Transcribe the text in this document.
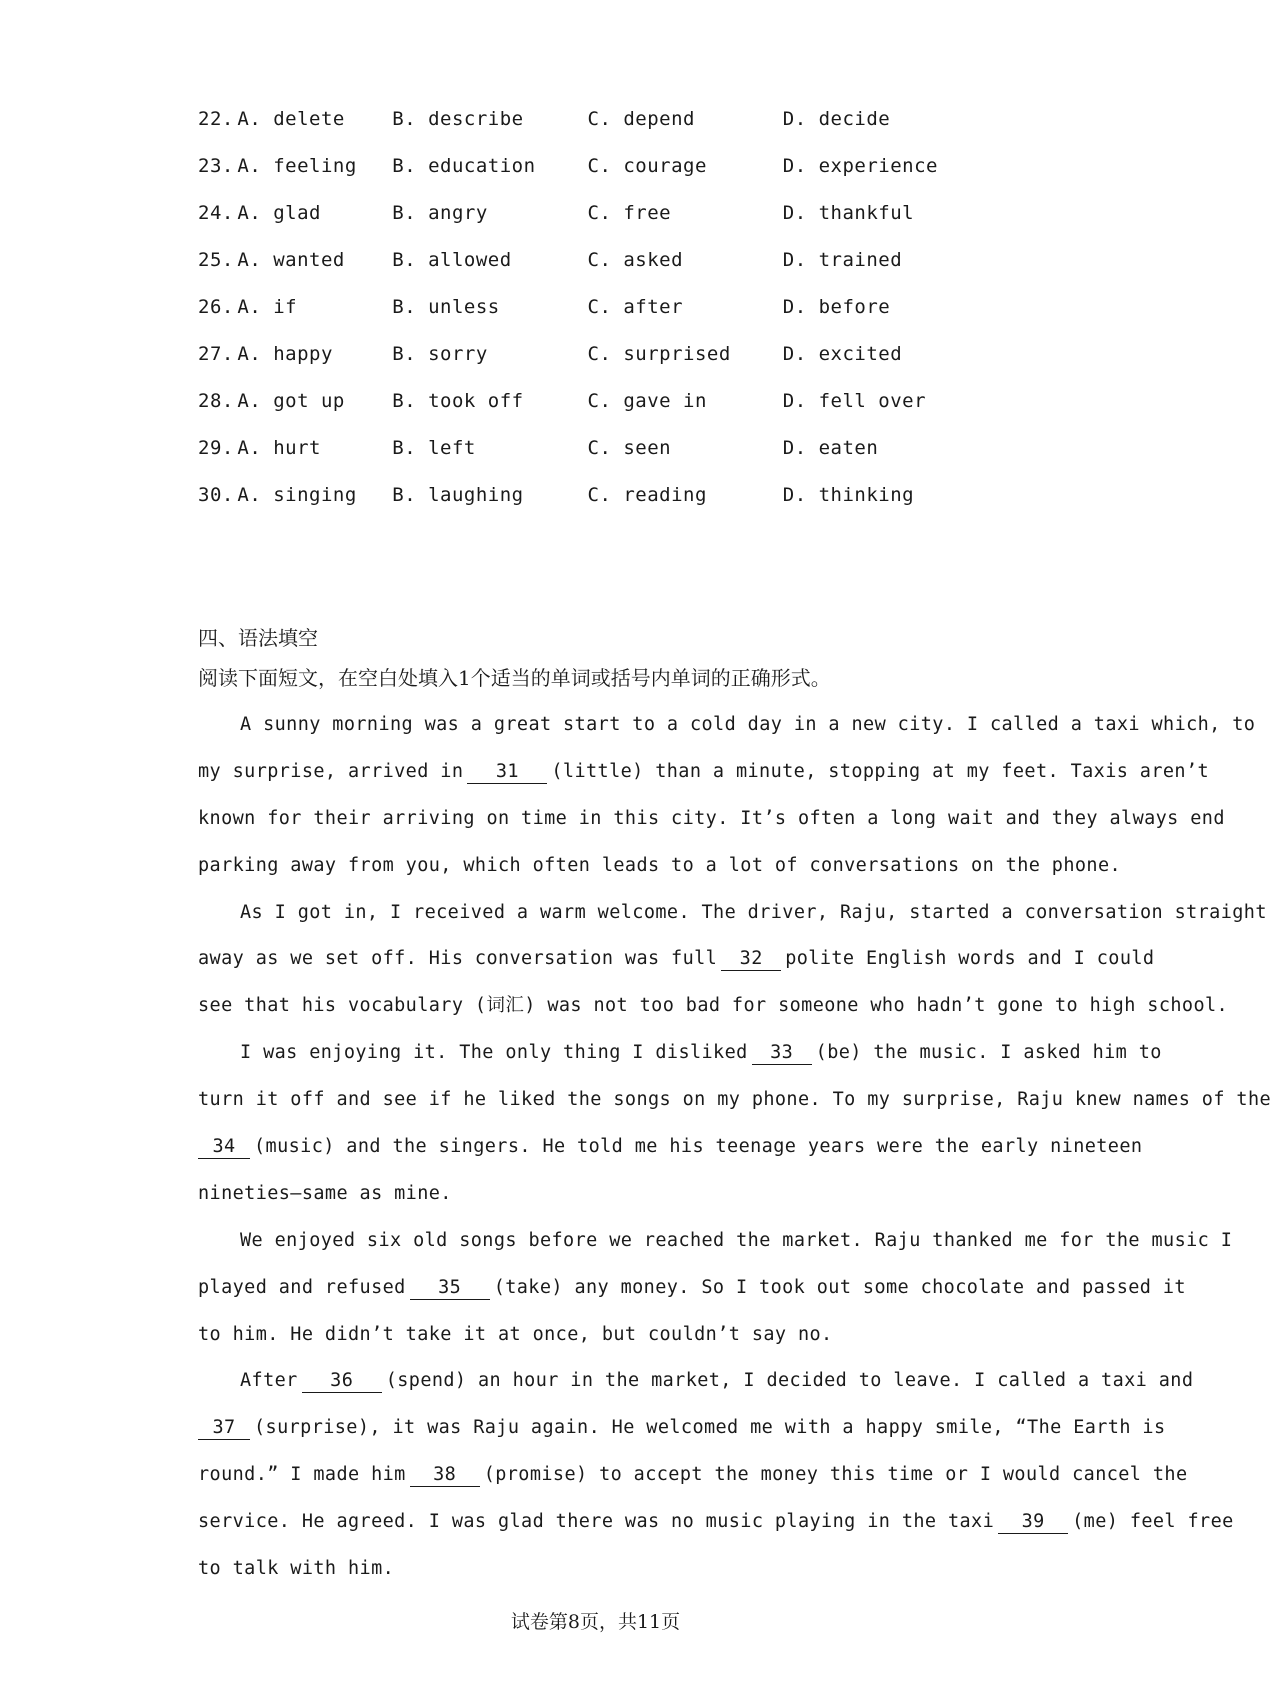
22. A. delete	B. describe	C. depend	D. decide
23. A. feeling	B. education	C. courage	D. experience
24. A. glad	B. angry	C. free	D. thankful
25. A. wanted	B. allowed	C. asked	D. trained
26. A. if	B. unless	C. after	D. before
27. A. happy	B. sorry	C. surprised	D. excited
28. A. got up	B. took off	C. gave in	D. fell over
29. A. hurt	B. left	C. seen	D. eaten
30. A. singing	B. laughing	C. reading	D. thinking
四、语法填空
阅读下面短文，在空白处填入1个适当的单词或括号内单词的正确形式。
A sunny morning was a great start to a cold day in a new city. I called a taxi which, to
my surprise, arrived in 31 (little) than a minute, stopping at my feet. Taxis aren’t
known for their arriving on time in this city. It’s often a long wait and they always end
parking away from you, which often leads to a lot of conversations on the phone.
As I got in, I received a warm welcome. The driver, Raju, started a conversation straight
away as we set off. His conversation was full 32 polite English words and I could
see that his vocabulary (词汇) was not too bad for someone who hadn’t gone to high school.
I was enjoying it. The only thing I disliked 33 (be) the music. I asked him to
turn it off and see if he liked the songs on my phone. To my surprise, Raju knew names of the
34 (music) and the singers. He told me his teenage years were the early nineteen
nineties—same as mine.
We enjoyed six old songs before we reached the market. Raju thanked me for the music I
played and refused 35 (take) any money. So I took out some chocolate and passed it
to him. He didn’t take it at once, but couldn’t say no.
After 36 (spend) an hour in the market, I decided to leave. I called a taxi and
37 (surprise), it was Raju again. He welcomed me with a happy smile, “The Earth is
round.” I made him 38 (promise) to accept the money this time or I would cancel the
service. He agreed. I was glad there was no music playing in the taxi 39 (me) feel free
to talk with him.
试卷第8页，共11页
